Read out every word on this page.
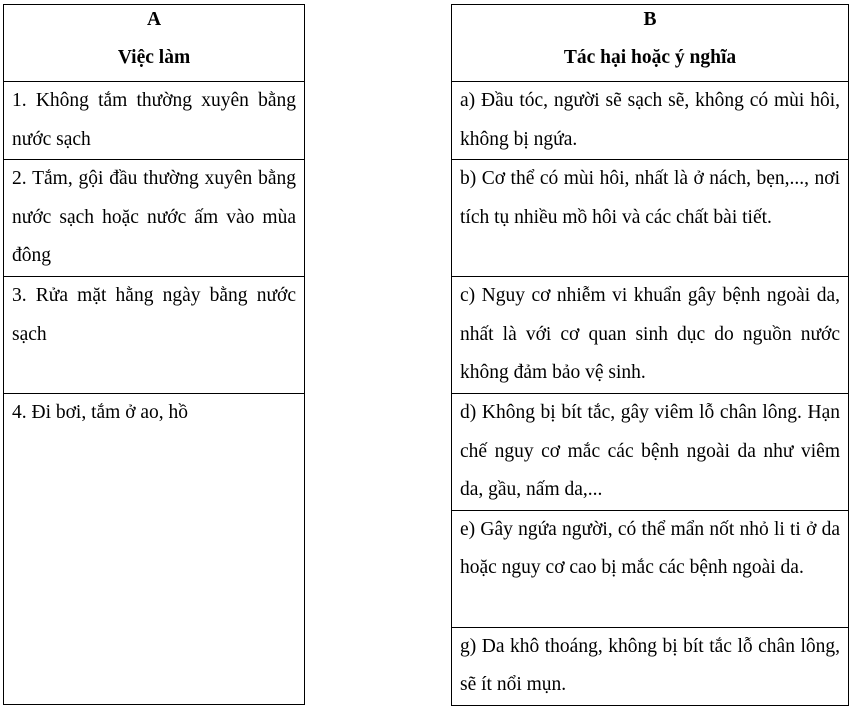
A
Việc làm

1. Không tắm thường xuyên bằng nước sạch
2. Tắm, gội đầu thường xuyên bằng nước sạch hoặc nước ấm vào mùa đông
3. Rửa mặt hằng ngày bằng nước sạch
4. Đi bơi, tắm ở ao, hồ
B
Tác hại hoặc ý nghĩa

a) Đầu tóc, người sẽ sạch sẽ, không có mùi hôi, không bị ngứa.
b) Cơ thể có mùi hôi, nhất là ở nách, bẹn,..., nơi tích tụ nhiều mồ hôi và các chất bài tiết.
c) Nguy cơ nhiễm vi khuẩn gây bệnh ngoài da, nhất là với cơ quan sinh dục do nguồn nước không đảm bảo vệ sinh.
d) Không bị bít tắc, gây viêm lỗ chân lông. Hạn chế nguy cơ mắc các bệnh ngoài da như viêm da, gầu, nấm da,...
e) Gây ngứa người, có thể mẩn nốt nhỏ li ti ở da hoặc nguy cơ cao bị mắc các bệnh ngoài da.
g) Da khô thoáng, không bị bít tắc lỗ chân lông, sẽ ít nổi mụn.
